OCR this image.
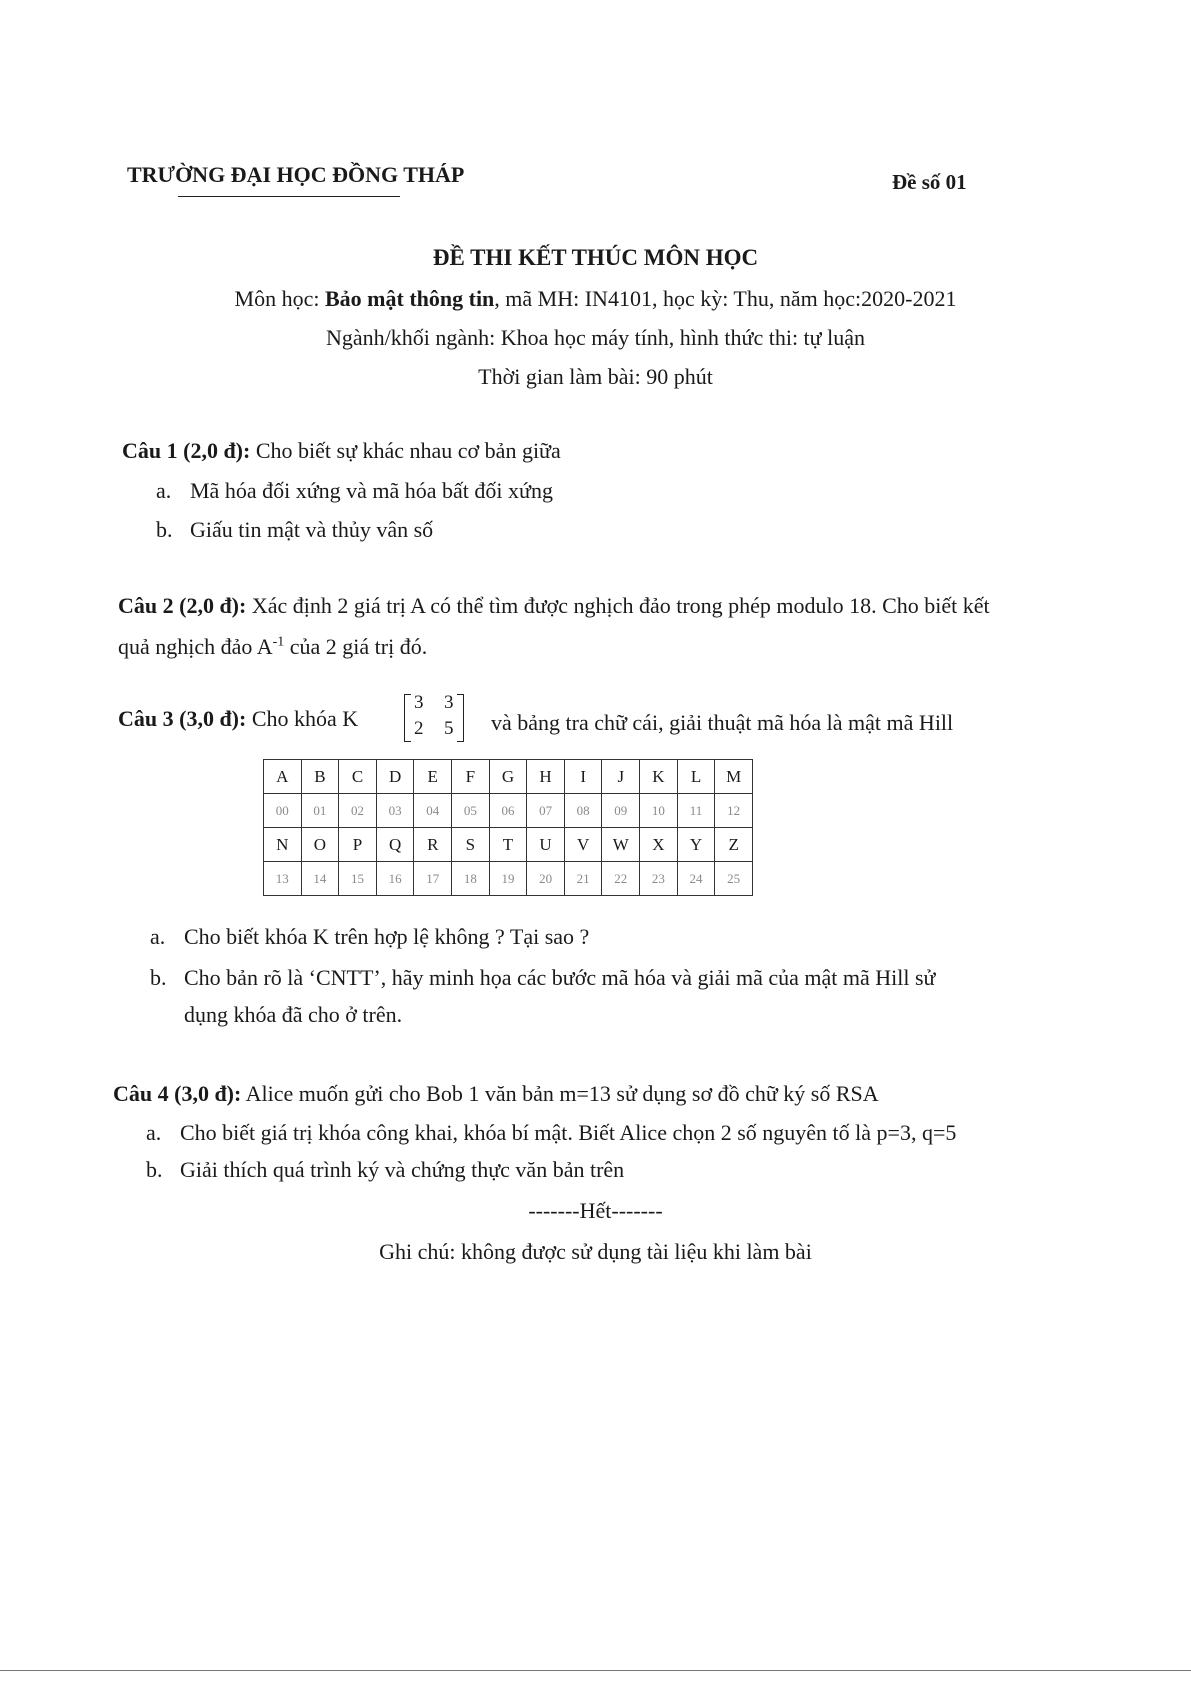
TRƯỜNG ĐẠI HỌC ĐỒNG THÁP	Đề số 01
ĐỀ THI KẾT THÚC MÔN HỌC
Môn học: Bảo mật thông tin, mã MH: IN4101, học kỳ: Thu, năm học:2020-2021
Ngành/khối ngành: Khoa học máy tính, hình thức thi: tự luận
Thời gian làm bài: 90 phút
Câu 1 (2,0 đ): Cho biết sự khác nhau cơ bản giữa
a. Mã hóa đối xứng và mã hóa bất đối xứng
b. Giấu tin mật và thủy vân số
Câu 2 (2,0 đ): Xác định 2 giá trị A có thể tìm được nghịch đảo trong phép modulo 18. Cho biết kết
quả nghịch đảo $A^{-1}$ của 2 giá trị đó.
Câu 3 (3,0 đ): Cho khóa K
3 3
2 5 và bảng tra chữ cái, giải thuật mã hóa là mật mã Hill
A	B	C	D	E	F	G	H	I	J	K	L	M
00	01	02	03	04	05	06	07	08	09	10	11	12
N	O	P	Q	R	S	T	U	V	W	X	Y	Z
13	14	15	16	17	18	19	20	21	22	23	24	25
a. Cho biết khóa K trên hợp lệ không ? Tại sao ?
b. Cho bản rõ là ‘CNTT’, hãy minh họa các bước mã hóa và giải mã của mật mã Hill sử
dụng khóa đã cho ở trên.
Câu 4 (3,0 đ): Alice muốn gửi cho Bob 1 văn bản m=13 sử dụng sơ đồ chữ ký số RSA
a. Cho biết giá trị khóa công khai, khóa bí mật. Biết Alice chọn 2 số nguyên tố là p=3, q=5
b. Giải thích quá trình ký và chứng thực văn bản trên
-------Hết-------
Ghi chú: không được sử dụng tài liệu khi làm bài
